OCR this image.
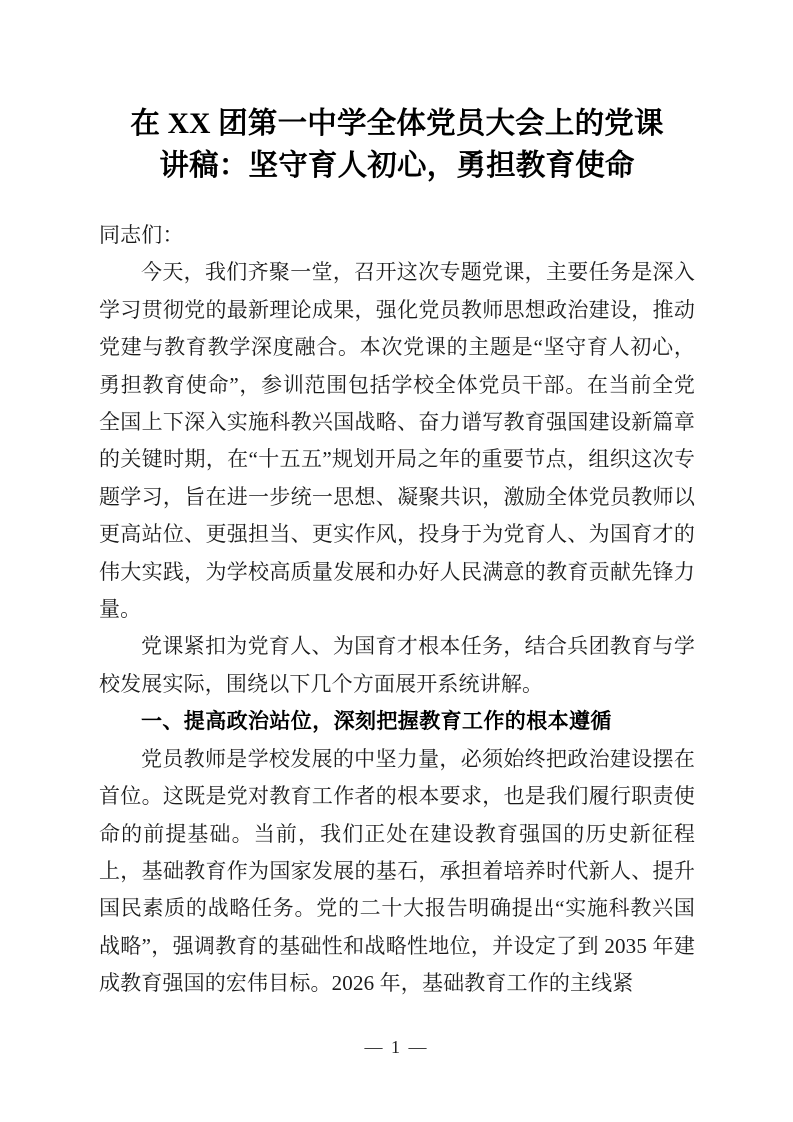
在 XX 团第一中学全体党员大会上的党课
讲稿：坚守育人初心，勇担教育使命

同志们：

今天，我们齐聚一堂，召开这次专题党课，主要任务是深入学习贯彻党的最新理论成果，强化党员教师思想政治建设，推动党建与教育教学深度融合。本次党课的主题是“坚守育人初心，勇担教育使命”，参训范围包括学校全体党员干部。在当前全党全国上下深入实施科教兴国战略、奋力谱写教育强国建设新篇章的关键时期，在“十五五”规划开局之年的重要节点，组织这次专题学习，旨在进一步统一思想、凝聚共识，激励全体党员教师以更高站位、更强担当、更实作风，投身于为党育人、为国育才的伟大实践，为学校高质量发展和办好人民满意的教育贡献先锋力量。

党课紧扣为党育人、为国育才根本任务，结合兵团教育与学校发展实际，围绕以下几个方面展开系统讲解。

一、提高政治站位，深刻把握教育工作的根本遵循

党员教师是学校发展的中坚力量，必须始终把政治建设摆在首位。这既是党对教育工作者的根本要求，也是我们履行职责使命的前提基础。当前，我们正处在建设教育强国的历史新征程上，基础教育作为国家发展的基石，承担着培养时代新人、提升国民素质的战略任务。党的二十大报告明确提出“实施科教兴国战略”，强调教育的基础性和战略性地位，并设定了到 2035 年建成教育强国的宏伟目标。2026 年，基础教育工作的主线紧

— 1 —
